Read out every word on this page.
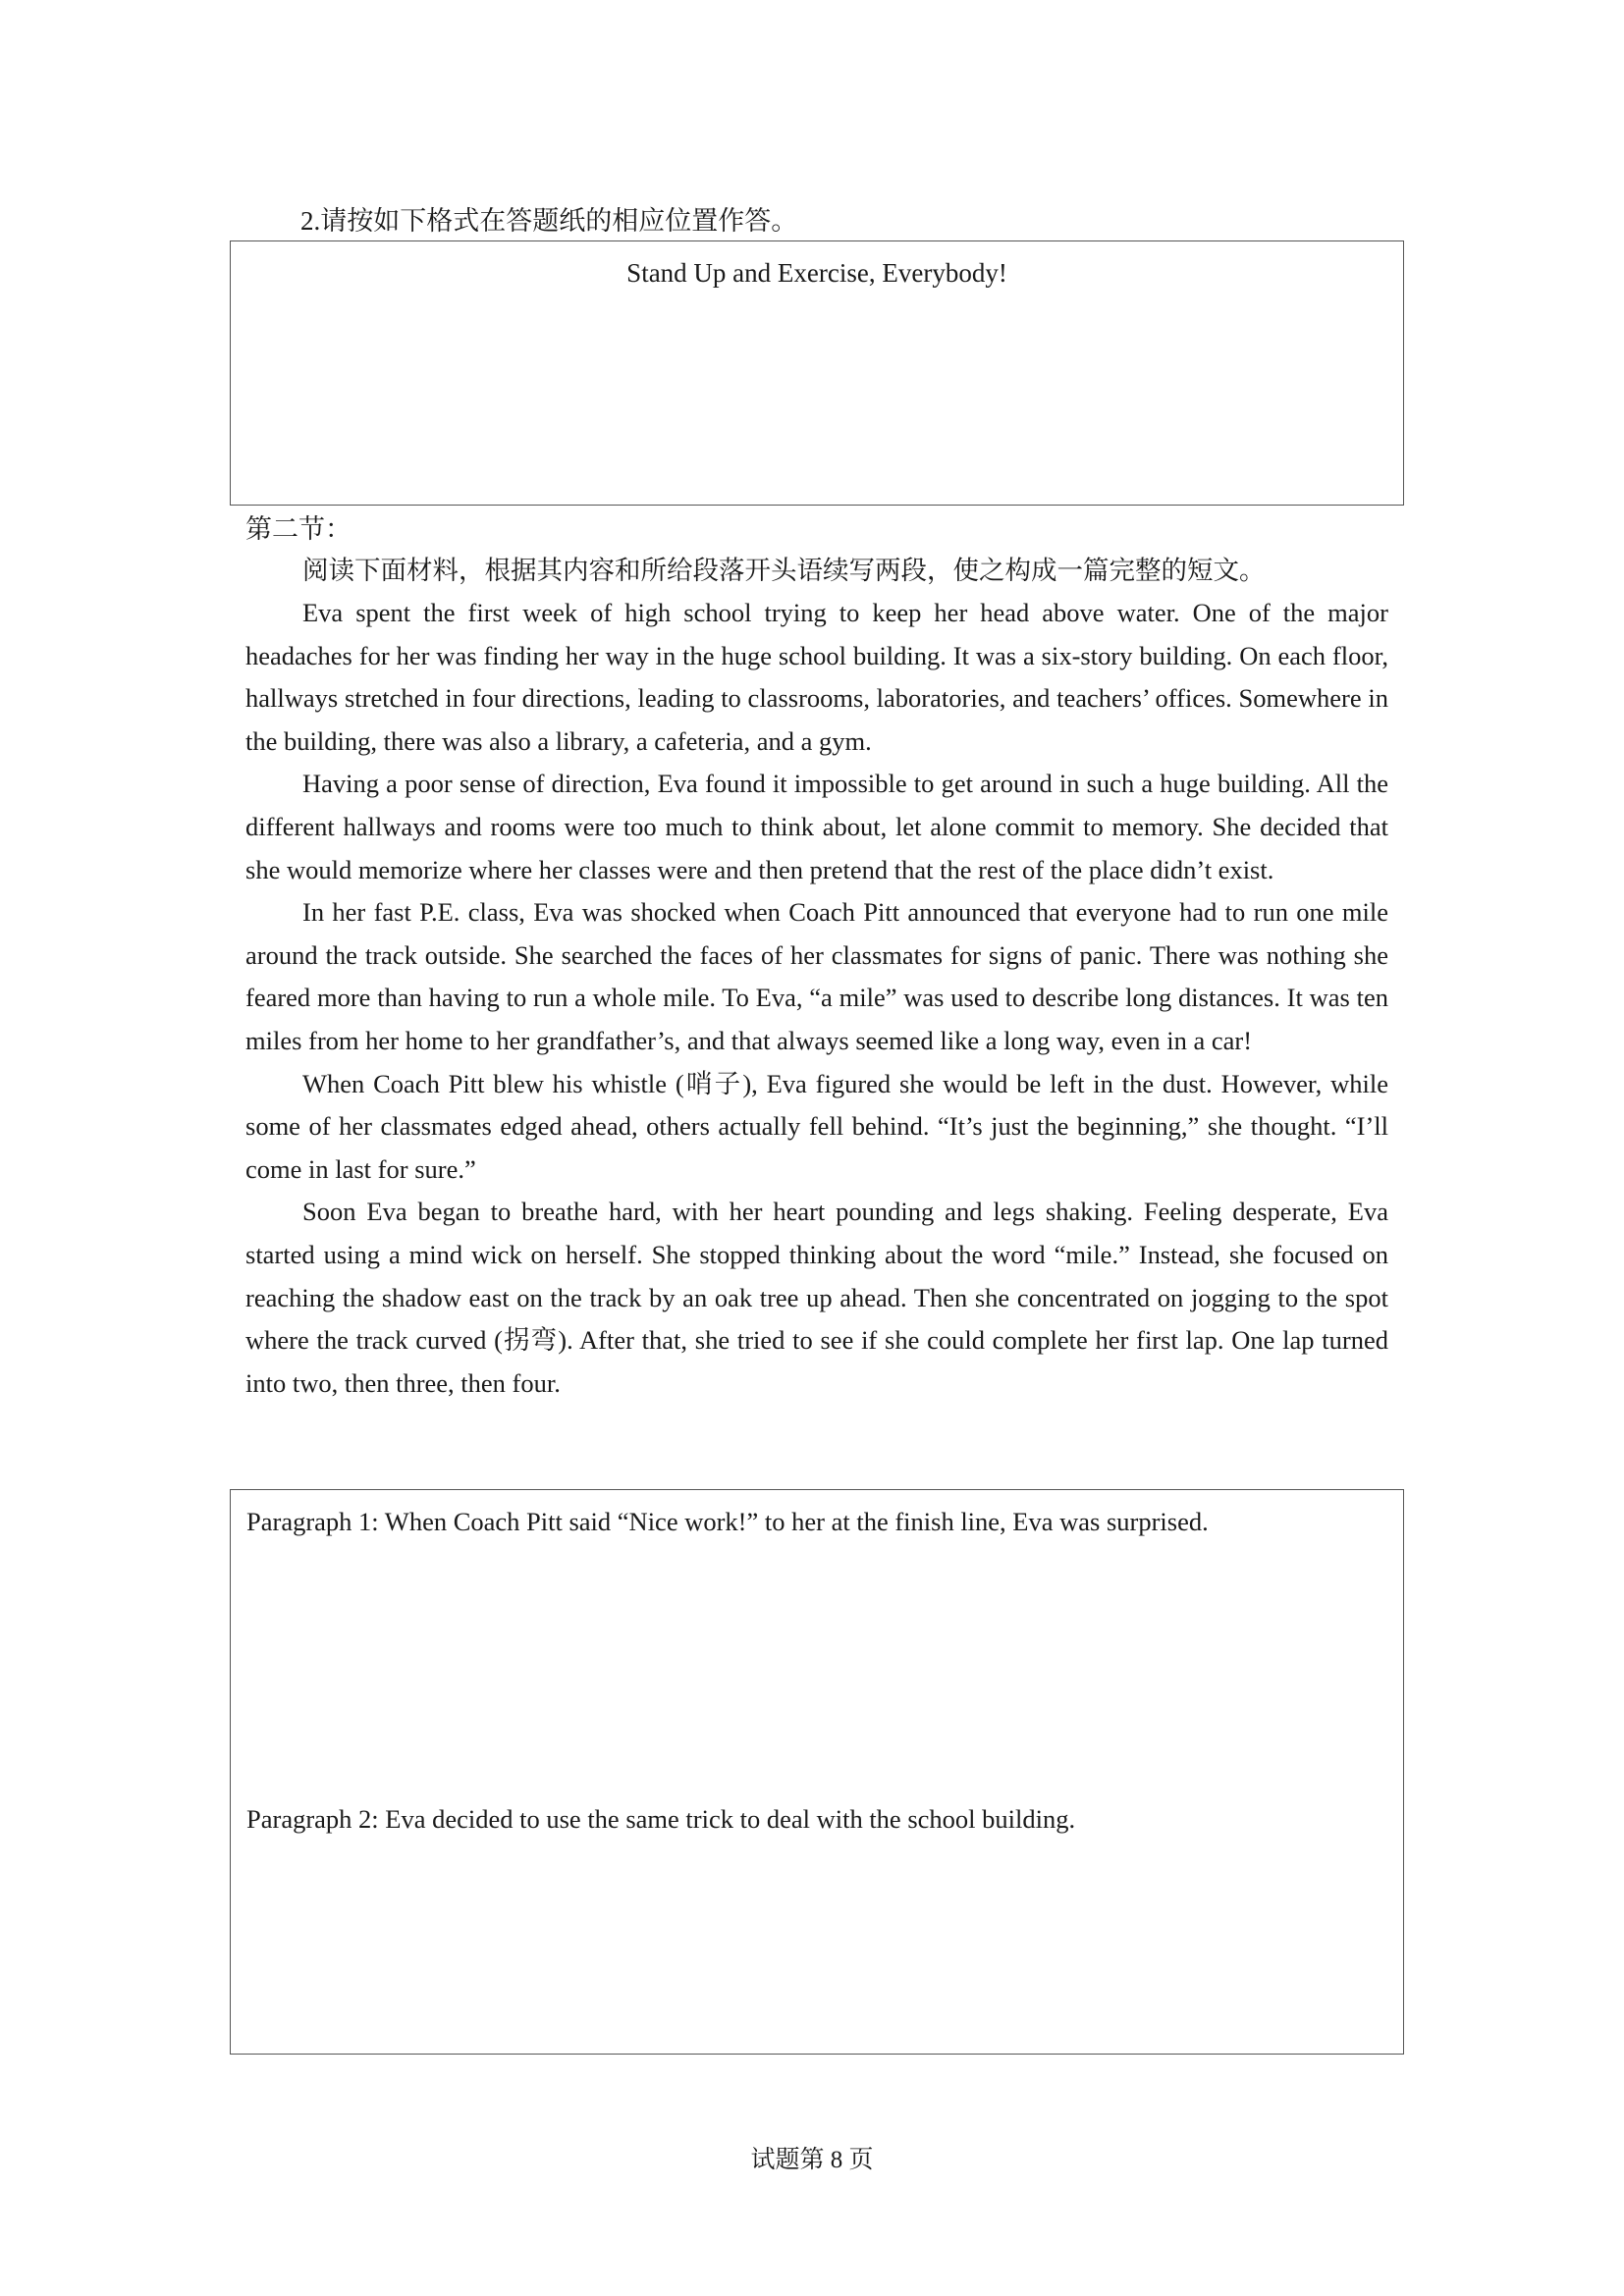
2.请按如下格式在答题纸的相应位置作答。
Stand Up and Exercise, Everybody!
第二节：

阅读下面材料，根据其内容和所给段落开头语续写两段，使之构成一篇完整的短文。

Eva spent the first week of high school trying to keep her head above water. One of the major headaches for her was finding her way in the huge school building. It was a six-story building. On each floor, hallways stretched in four directions, leading to classrooms, laboratories, and teachers’ offices. Somewhere in the building, there was also a library, a cafeteria, and a gym.

Having a poor sense of direction, Eva found it impossible to get around in such a huge building. All the different hallways and rooms were too much to think about, let alone commit to memory. She decided that she would memorize where her classes were and then pretend that the rest of the place didn’t exist.

In her fast P.E. class, Eva was shocked when Coach Pitt announced that everyone had to run one mile around the track outside. She searched the faces of her classmates for signs of panic. There was nothing she feared more than having to run a whole mile. To Eva, “a mile” was used to describe long distances. It was ten miles from her home to her grandfather’s, and that always seemed like a long way, even in a car!

When Coach Pitt blew his whistle (哨子), Eva figured she would be left in the dust. However, while some of her classmates edged ahead, others actually fell behind. “It’s just the beginning,” she thought. “I’ll come in last for sure.”

Soon Eva began to breathe hard, with her heart pounding and legs shaking. Feeling desperate, Eva started using a mind wick on herself. She stopped thinking about the word “mile.” Instead, she focused on reaching the shadow east on the track by an oak tree up ahead. Then she concentrated on jogging to the spot where the track curved (拐弯). After that, she tried to see if she could complete her first lap. One lap turned into two, then three, then four.

Paragraph 1: When Coach Pitt said “Nice work!” to her at the finish line, Eva was surprised.
Paragraph 2: Eva decided to use the same trick to deal with the school building.
试题第 8 页
